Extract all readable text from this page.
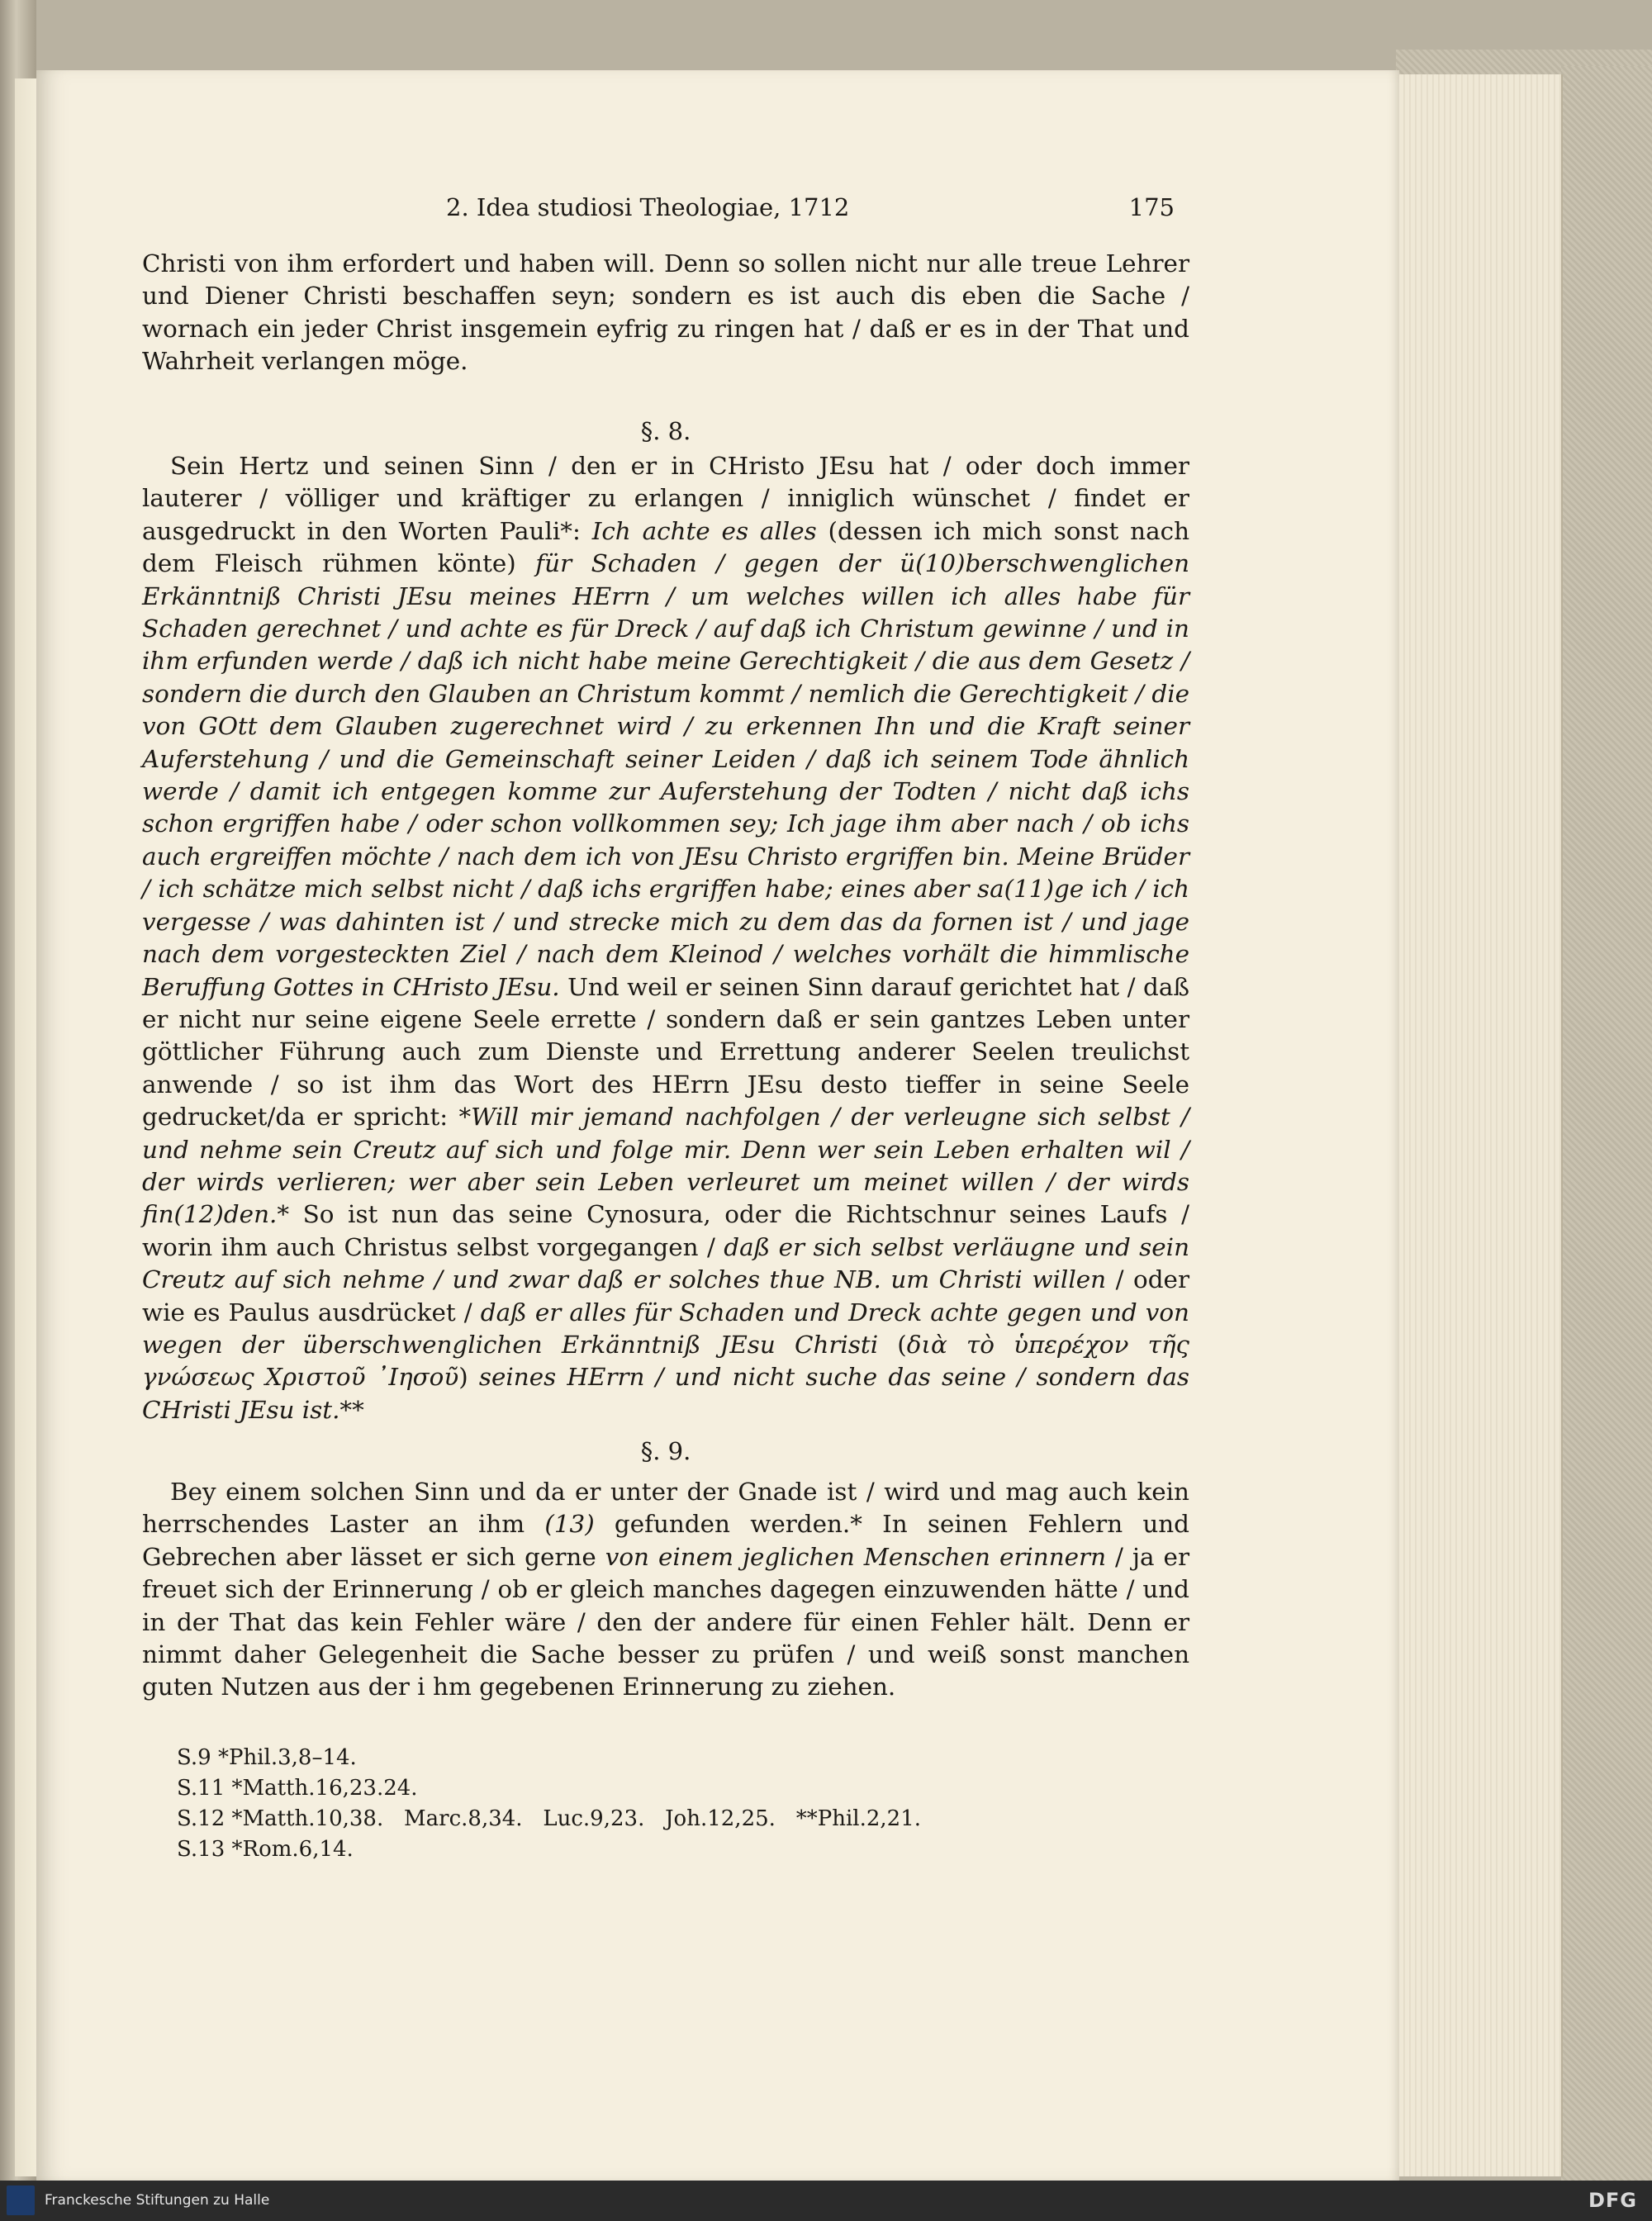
2. Idea studiosi Theologiae, 1712	175

Christi von ihm erfordert und haben will. Denn so sollen nicht nur alle treue Lehrer und Diener Christi beschaffen seyn; sondern es ist auch dis eben die Sache / wornach ein jeder Christ insgemein eyfrig zu ringen hat / daß er es in der That und Wahrheit verlangen möge.

§. 8.

Sein Hertz und seinen Sinn / den er in CHristo JEsu hat / oder doch immer lauterer / völliger und kräftiger zu erlangen / inniglich wünschet / findet er ausgedruckt in den Worten Pauli*: Ich achte es alles (dessen ich mich sonst nach dem Fleisch rühmen könte) für Schaden / gegen der ü(10)berschwenglichen Erkänntniß Christi JEsu meines HErrn / um welches willen ich alles habe für Schaden gerechnet / und achte es für Dreck / auf daß ich Christum gewinne / und in ihm erfunden werde / daß ich nicht habe meine Gerechtigkeit / die aus dem Gesetz / sondern die durch den Glauben an Christum kommt / nemlich die Gerechtigkeit / die von GOtt dem Glauben zugerechnet wird / zu erkennen Ihn und die Kraft seiner Auferstehung / und die Gemeinschaft seiner Leiden / daß ich seinem Tode ähnlich werde / damit ich entgegen komme zur Auferstehung der Todten / nicht daß ichs schon ergriffen habe / oder schon vollkommen sey; Ich jage ihm aber nach / ob ichs auch ergreiffen möchte / nach dem ich von JEsu Christo ergriffen bin. Meine Brüder / ich schätze mich selbst nicht / daß ichs ergriffen habe; eines aber sa(11)ge ich / ich vergesse / was dahinten ist / und strecke mich zu dem das da fornen ist / und jage nach dem vorgesteckten Ziel / nach dem Kleinod / welches vorhält die himmlische Beruffung Gottes in CHristo JEsu. Und weil er seinen Sinn darauf gerichtet hat / daß er nicht nur seine eigene Seele errette / sondern daß er sein gantzes Leben unter göttlicher Führung auch zum Dienste und Errettung anderer Seelen treulichst anwende / so ist ihm das Wort des HErrn JEsu desto tieffer in seine Seele gedrucket/da er spricht: *Will mir jemand nachfolgen / der verleugne sich selbst / und nehme sein Creutz auf sich und folge mir. Denn wer sein Leben erhalten wil / der wirds verlieren; wer aber sein Leben verleuret um meinet willen / der wirds fin(12)den.* So ist nun das seine Cynosura, oder die Richtschnur seines Laufs / worin ihm auch Christus selbst vorgegangen / daß er sich selbst verläugne und sein Creutz auf sich nehme / und zwar daß er solches thue NB. um Christi willen / oder wie es Paulus ausdrücket / daß er alles für Schaden und Dreck achte gegen und von wegen der überschwenglichen Erkänntniß JEsu Christi (διὰ τὸ ὑπερέχον τῆς γνώσεως Χριστοῦ ᾿Ιησοῦ) seines HErrn / und nicht suche das seine / sondern das CHristi JEsu ist.**

§. 9.

Bey einem solchen Sinn und da er unter der Gnade ist / wird und mag auch kein herrschendes Laster an ihm (13) gefunden werden.* In seinen Fehlern und Gebrechen aber lässet er sich gerne von einem jeglichen Menschen erinnern / ja er freuet sich der Erinnerung / ob er gleich manches dagegen einzuwenden hätte / und in der That das kein Fehler wäre / den der andere für einen Fehler hält. Denn er nimmt daher Gelegenheit die Sache besser zu prüfen / und weiß sonst manchen guten Nutzen aus der i hm gegebenen Erinnerung zu ziehen.

S.9 *Phil.3,8–14.
S.11 *Matth.16,23.24.
S.12 *Matth.10,38.   Marc.8,34.   Luc.9,23.   Joh.12,25.   **Phil.2,21.
S.13 *Rom.6,14.
Franckesche Stiftungen zu Halle	DFG
